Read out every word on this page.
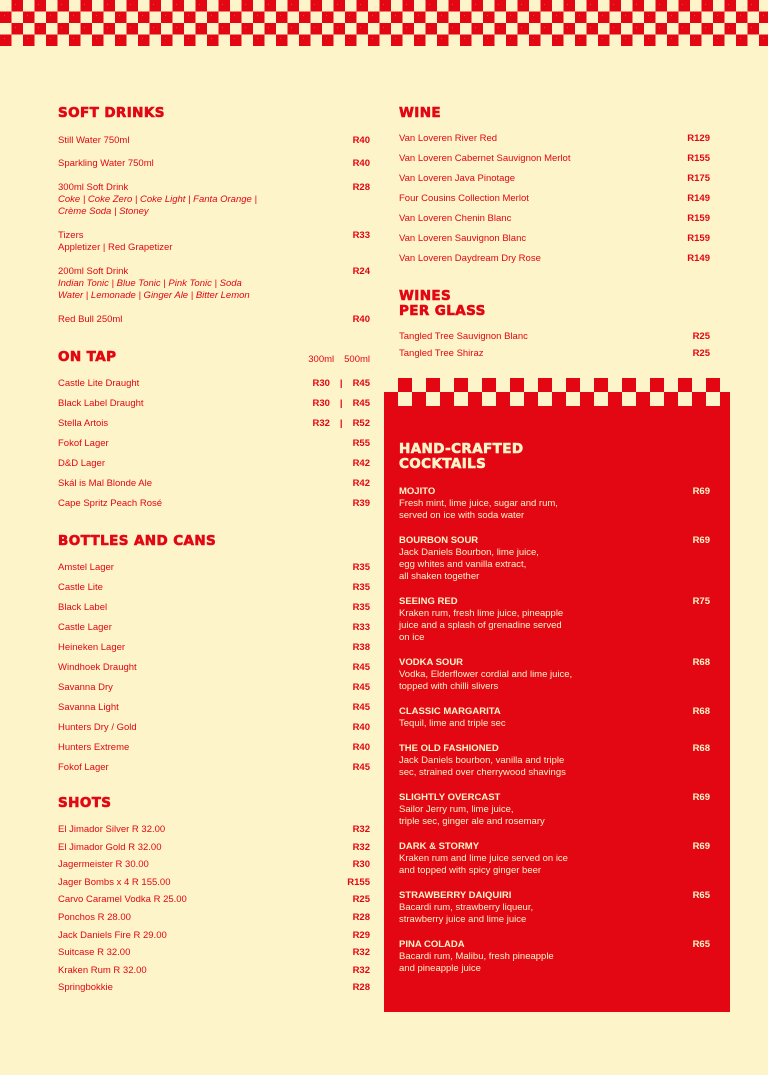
SOFT DRINKS
Still Water 750ml	R40
Sparkling Water 750ml	R40
300ml Soft Drink	R28
Coke | Coke Zero | Coke Light | Fanta Orange | Crème Soda | Stoney
Tizers	R33
Appletizer | Red Grapetizer
200ml Soft Drink	R24
Indian Tonic | Blue Tonic | Pink Tonic | Soda Water | Lemonade | Ginger Ale | Bitter Lemon
Red Bull 250ml	R40
ON TAP	300ml 500ml
Castle Lite Draught	R30 | R45
Black Label Draught	R30 | R45
Stella Artois	R32 | R52
Fokof Lager	R55
D&D Lager	R42
Skál is Mal Blonde Ale	R42
Cape Spritz Peach Rosé	R39
BOTTLES AND CANS
Amstel Lager	R35
Castle Lite	R35
Black Label	R35
Castle Lager	R33
Heineken Lager	R38
Windhoek Draught	R45
Savanna Dry	R45
Savanna Light	R45
Hunters Dry / Gold	R40
Hunters Extreme	R40
Fokof Lager	R45
SHOTS
El Jimador Silver R 32.00	R32
El Jimador Gold R 32.00	R32
Jagermeister R 30.00	R30
Jager Bombs x 4 R 155.00	R155
Carvo Caramel Vodka R 25.00	R25
Ponchos R 28.00	R28
Jack Daniels Fire R 29.00	R29
Suitcase R 32.00	R32
Kraken Rum R 32.00	R32
Springbokkie	R28
WINE
Van Loveren River Red	R129
Van Loveren Cabernet Sauvignon Merlot	R155
Van Loveren Java Pinotage	R175
Four Cousins Collection Merlot	R149
Van Loveren Chenin Blanc	R159
Van Loveren Sauvignon Blanc	R159
Van Loveren Daydream Dry Rose	R149
WINES
PER GLASS
Tangled Tree Sauvignon Blanc	R25
Tangled Tree Shiraz	R25
HAND-CRAFTED
COCKTAILS
MOJITO	R69
Fresh mint, lime juice, sugar and rum,
served on ice with soda water
BOURBON SOUR	R69
Jack Daniels Bourbon, lime juice,
egg whites and vanilla extract,
all shaken together
SEEING RED	R75
Kraken rum, fresh lime juice, pineapple
juice and a splash of grenadine served
on ice
VODKA SOUR	R68
Vodka, Elderflower cordial and lime juice,
topped with chilli slivers
CLASSIC MARGARITA	R68
Tequil, lime and triple sec
THE OLD FASHIONED	R68
Jack Daniels bourbon, vanilla and triple
sec, strained over cherrywood shavings
SLIGHTLY OVERCAST	R69
Sailor Jerry rum, lime juice,
triple sec, ginger ale and rosemary
DARK & STORMY	R69
Kraken rum and lime juice served on ice
and topped with spicy ginger beer
STRAWBERRY DAIQUIRI	R65
Bacardi rum, strawberry liqueur,
strawberry juice and lime juice
PINA COLADA	R65
Bacardi rum, Malibu, fresh pineapple
and pineapple juice
